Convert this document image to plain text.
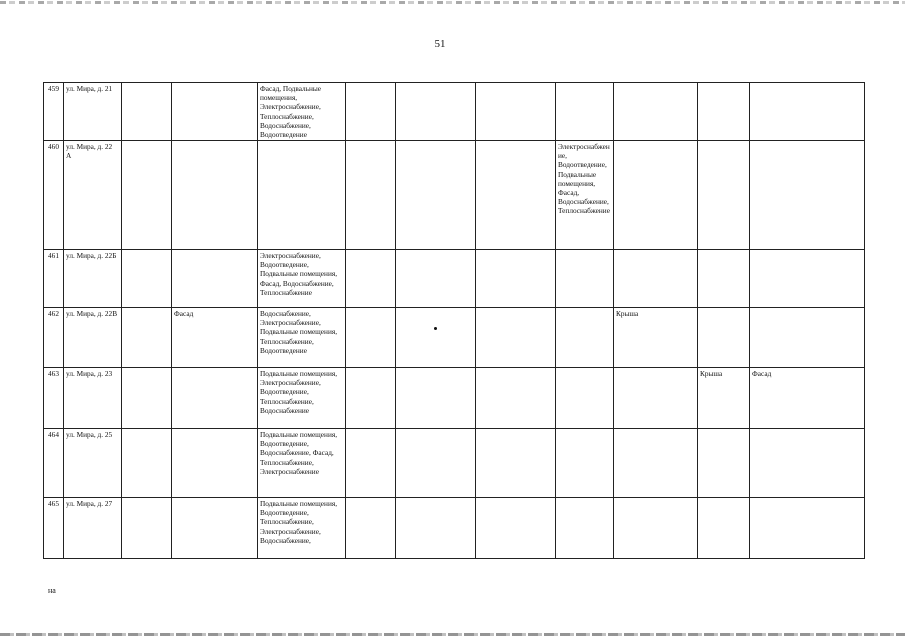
51
459	ул. Мира, д. 21			Фасад, Подвальные помещения, Электроснабжение, Теплоснабжение, Водоснабжение, Водоотведение							
460	ул. Мира, д. 22 А							Электроснабжение, Водоотведение, Подвальные помещения, Фасад, Водоснабжение, Теплоснабжение			
461	ул. Мира, д. 22Б			Электроснабжение, Водоотведение, Подвальные помещения, Фасад, Водоснабжение, Теплоснабжение							
462	ул. Мира, д. 22В		Фасад	Водоснабжение, Электроснабжение, Подвальные помещения, Теплоснабжение, Водоотведение					Крыша		
463	ул. Мира, д. 23			Подвальные помещения, Электроснабжение, Водоотведение, Теплоснабжение, Водоснабжение						Крыша	Фасад
464	ул. Мира, д. 25			Подвальные помещения, Водоотведение, Водоснабжение, Фасад, Теплоснабжение, Электроснабжение							
465	ул. Мира, д. 27			Подвальные помещения, Водоотведение, Теплоснабжение, Электроснабжение, Водоснабжение,							
на
